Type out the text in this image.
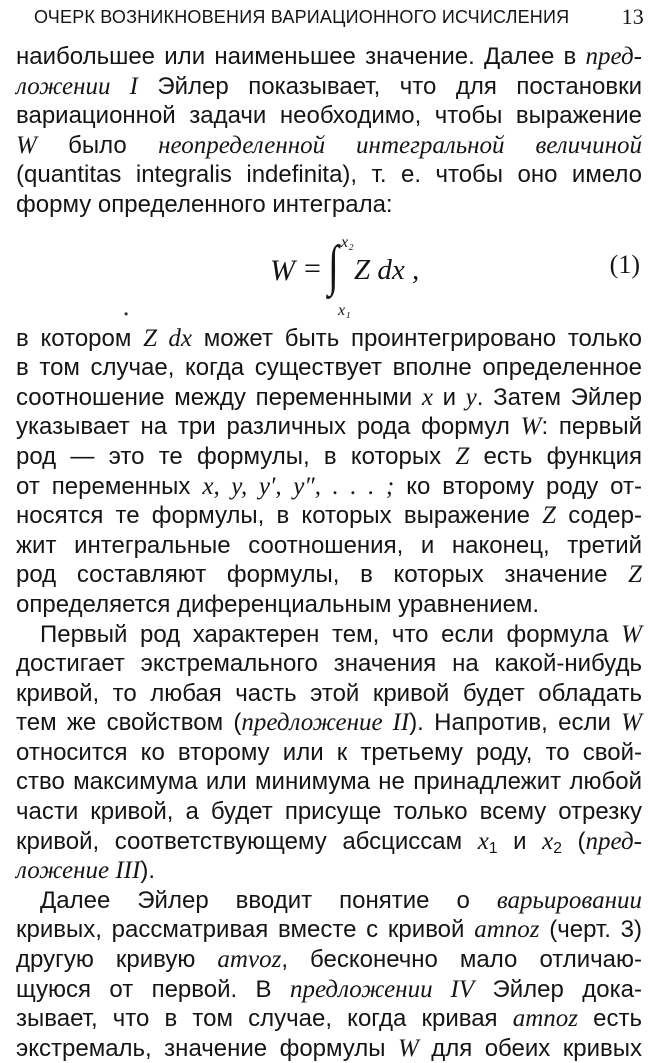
ОЧЕРК ВОЗНИКНОВЕНИЯ ВАРИАЦИОННОГО ИСЧИСЛЕНИЯ 13
наибольшее или наименьшее значение. Далее в пред-
ложении I Эйлер показывает, что для постановки
вариационной задачи необходимо, чтобы выражение
W было неопределенной интегральной величиной
(quantitas integralis indefinita), т. е. чтобы оно имело
форму определенного интеграла:
W = ∫ x₂
x₁
Z dx ,
•
(1)
в котором Z dx может быть проинтегрировано только
в том случае, когда существует вполне определенное
соотношение между переменными x и y. Затем Эйлер
указывает на три различных рода формул W: первый
род — это те формулы, в которых Z есть функция
от переменных x, y, y′, y″, . . . ; ко второму роду от-
носятся те формулы, в которых выражение Z содер-
жит интегральные соотношения, и наконец, третий
род составляют формулы, в которых значение Z
определяется диференциальным уравнением.
Первый род характерен тем, что если формула W
достигает экстремального значения на какой-нибудь
кривой, то любая часть этой кривой будет обладать
тем же свойством (предложение II). Напротив, если W
относится ко второму или к третьему роду, то свой-
ство максимума или минимума не принадлежит любой
части кривой, а будет присуще только всему отрезку
кривой, соответствующему абсциссам $x_1$ и $x_2$ (пред-
ложение III).
Далее Эйлер вводит понятие о варьировании
кривых, рассматривая вместе с кривой amnoz (черт. 3)
другую кривую amvoz, бесконечно мало отличаю-
щуюся от первой. В предложении IV Эйлер дока-
зывает, что в том случае, когда кривая amnoz есть
экстремаль, значение формулы W для обеих кривых
